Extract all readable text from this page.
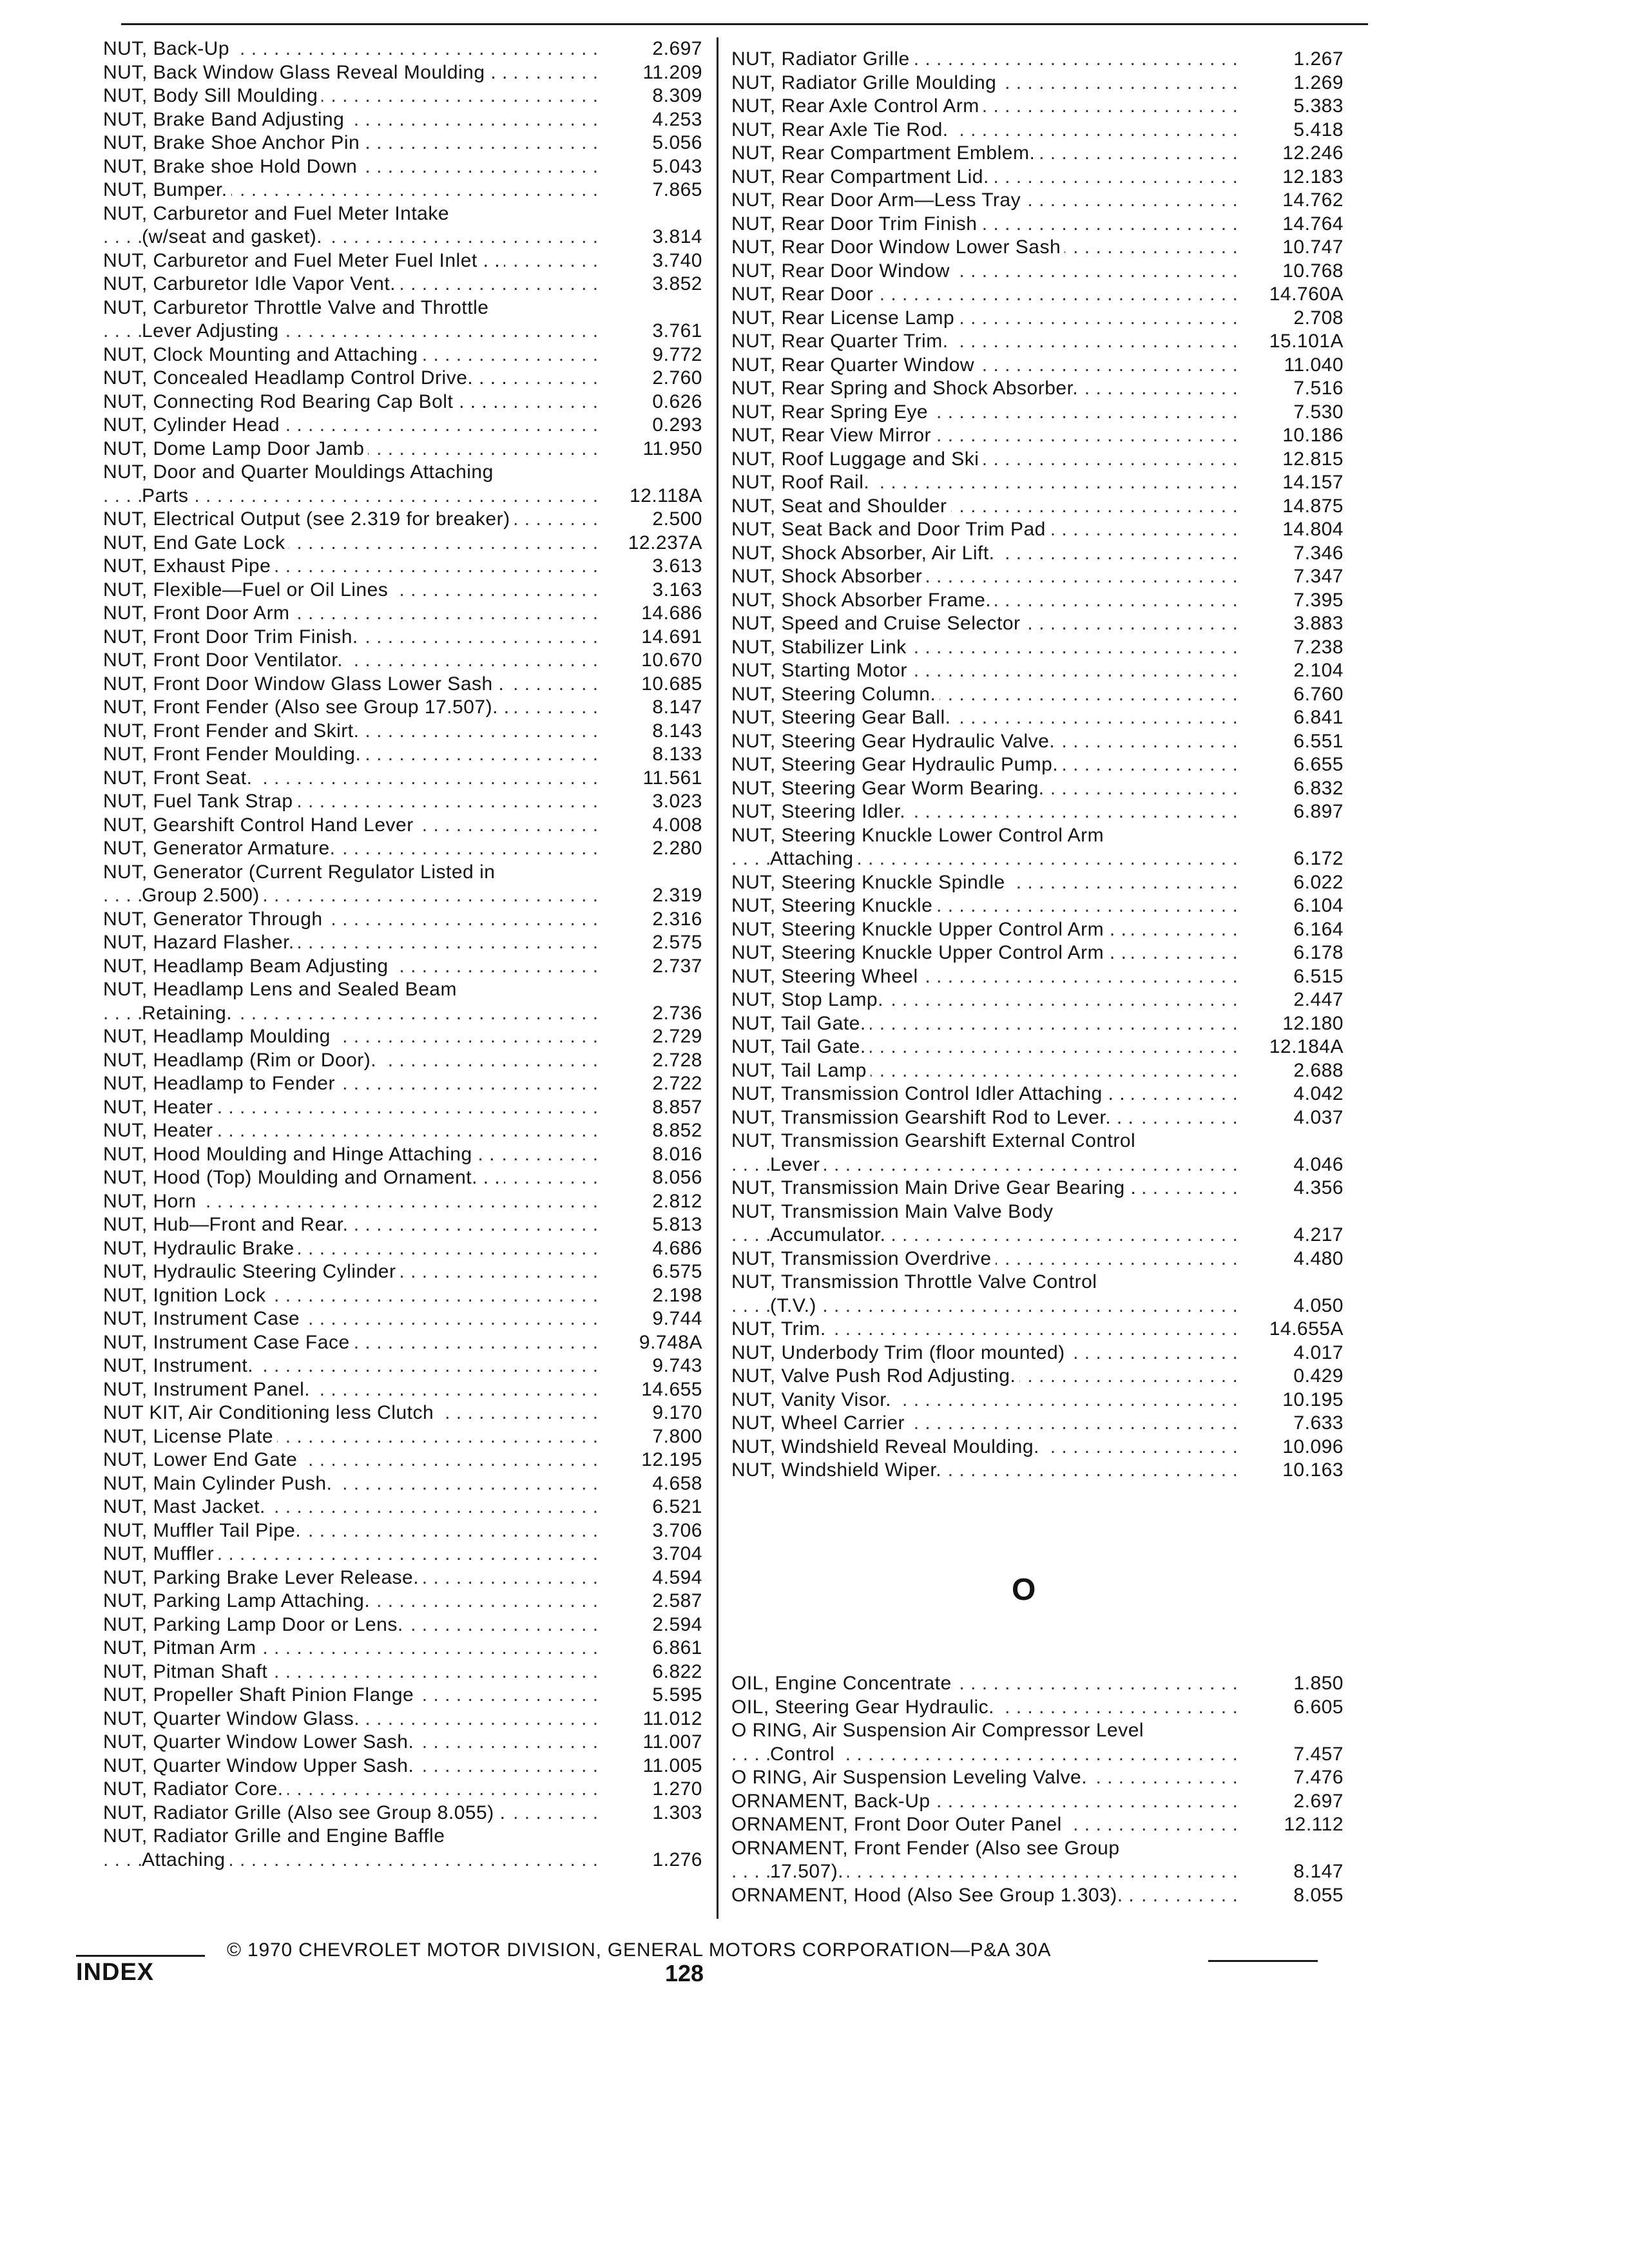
NUT, Back-Up . . .	2.697
NUT, Back Window Glass Reveal Moulding . . . . .	11.209
NUT, Body Sill Moulding . . .	8.309
NUT, Brake Band Adjusting . . .	4.253
NUT, Brake Shoe Anchor Pin . . .	5.056
NUT, Brake shoe Hold Down . . .	5.043
NUT, Bumper. . . .	7.865
NUT, Carburetor and Fuel Meter Intake
(w/seat and gasket).
. . .	3.814
NUT, Carburetor and Fuel Meter Fuel Inlet . . . . .	3.740
NUT, Carburetor Idle Vapor Vent. . . .	3.852
NUT, Carburetor Throttle Valve and Throttle
Lever Adjusting
. . .	3.761
NUT, Clock Mounting and Attaching . . .	9.772
NUT, Concealed Headlamp Control Drive. . . . . . .	2.760
NUT, Connecting Rod Bearing Cap Bolt . . . . . . .	0.626
NUT, Cylinder Head . . .	0.293
NUT, Dome Lamp Door Jamb . . .	11.950
NUT, Door and Quarter Mouldings Attaching
Parts
. . .	12.118A
NUT, Electrical Output (see 2.319 for breaker) . . .	2.500
NUT, End Gate Lock . . .	12.237A
NUT, Exhaust Pipe . . .	3.613
NUT, Flexible—Fuel or Oil Lines . . .	3.163
NUT, Front Door Arm . . .	14.686
NUT, Front Door Trim Finish. . . .	14.691
NUT, Front Door Ventilator. . . .	10.670
NUT, Front Door Window Glass Lower Sash . . . .	10.685
NUT, Front Fender (Also see Group 17.507). . . . .	8.147
NUT, Front Fender and Skirt. . . .	8.143
NUT, Front Fender Moulding. . . .	8.133
NUT, Front Seat. . . .	11.561
NUT, Fuel Tank Strap . . .	3.023
NUT, Gearshift Control Hand Lever . . .	4.008
NUT, Generator Armature. . . .	2.280
NUT, Generator (Current Regulator Listed in
Group 2.500)
. . .	2.319
NUT, Generator Through . . .	2.316
NUT, Hazard Flasher. . . .	2.575
NUT, Headlamp Beam Adjusting . . .	2.737
NUT, Headlamp Lens and Sealed Beam
Retaining.
. . .	2.736
NUT, Headlamp Moulding . . .	2.729
NUT, Headlamp (Rim or Door). . . .	2.728
NUT, Headlamp to Fender . . .	2.722
NUT, Heater . . .	8.857
NUT, Heater . . .	8.852
NUT, Hood Moulding and Hinge Attaching . . . . .	8.016
NUT, Hood (Top) Moulding and Ornament. . . . . .	8.056
NUT, Horn . . .	2.812
NUT, Hub—Front and Rear. . . .	5.813
NUT, Hydraulic Brake . . .	4.686
NUT, Hydraulic Steering Cylinder . . .	6.575
NUT, Ignition Lock . . .	2.198
NUT, Instrument Case . . .	9.744
NUT, Instrument Case Face . . .	9.748A
NUT, Instrument. . . .	9.743
NUT, Instrument Panel. . . .	14.655
NUT KIT, Air Conditioning less Clutch . . .	9.170
NUT, License Plate . . .	7.800
NUT, Lower End Gate . . .	12.195
NUT, Main Cylinder Push. . . .	4.658
NUT, Mast Jacket. . . .	6.521
NUT, Muffler Tail Pipe. . . .	3.706
NUT, Muffler . . .	3.704
NUT, Parking Brake Lever Release. . . .	4.594
NUT, Parking Lamp Attaching. . . .	2.587
NUT, Parking Lamp Door or Lens. . . .	2.594
NUT, Pitman Arm . . .	6.861
NUT, Pitman Shaft . . .	6.822
NUT, Propeller Shaft Pinion Flange . . .	5.595
NUT, Quarter Window Glass. . . .	11.012
NUT, Quarter Window Lower Sash. . . .	11.007
NUT, Quarter Window Upper Sash. . . .	11.005
NUT, Radiator Core. . . .	1.270
NUT, Radiator Grille (Also see Group 8.055) . . . .	1.303
NUT, Radiator Grille and Engine Baffle
Attaching
. . .	1.276
NUT, Radiator Grille . . .	1.267
NUT, Radiator Grille Moulding . . .	1.269
NUT, Rear Axle Control Arm . . .	5.383
NUT, Rear Axle Tie Rod. . . .	5.418
NUT, Rear Compartment Emblem. . . .	12.246
NUT, Rear Compartment Lid. . . .	12.183
NUT, Rear Door Arm—Less Tray . . .	14.762
NUT, Rear Door Trim Finish . . .	14.764
NUT, Rear Door Window Lower Sash . . .	10.747
NUT, Rear Door Window . . .	10.768
NUT, Rear Door . . .	14.760A
NUT, Rear License Lamp . . .	2.708
NUT, Rear Quarter Trim. . . .	15.101A
NUT, Rear Quarter Window . . .	11.040
NUT, Rear Spring and Shock Absorber. . . .	7.516
NUT, Rear Spring Eye . . .	7.530
NUT, Rear View Mirror . . .	10.186
NUT, Roof Luggage and Ski . . .	12.815
NUT, Roof Rail. . . .	14.157
NUT, Seat and Shoulder . . .	14.875
NUT, Seat Back and Door Trim Pad . . .	14.804
NUT, Shock Absorber, Air Lift. . . .	7.346
NUT, Shock Absorber . . .	7.347
NUT, Shock Absorber Frame. . . .	7.395
NUT, Speed and Cruise Selector . . .	3.883
NUT, Stabilizer Link . . .	7.238
NUT, Starting Motor . . .	2.104
NUT, Steering Column. . . .	6.760
NUT, Steering Gear Ball. . . .	6.841
NUT, Steering Gear Hydraulic Valve. . . .	6.551
NUT, Steering Gear Hydraulic Pump. . . .	6.655
NUT, Steering Gear Worm Bearing. . . .	6.832
NUT, Steering Idler. . . .	6.897
NUT, Steering Knuckle Lower Control Arm
Attaching
. . .	6.172
NUT, Steering Knuckle Spindle . . .	6.022
NUT, Steering Knuckle . . .	6.104
NUT, Steering Knuckle Upper Control Arm . . . . .	6.164
NUT, Steering Knuckle Upper Control Arm . . . . .	6.178
NUT, Steering Wheel . . .	6.515
NUT, Stop Lamp. . . .	2.447
NUT, Tail Gate. . . .	12.180
NUT, Tail Gate. . . .	12.184A
NUT, Tail Lamp . . .	2.688
NUT, Transmission Control Idler Attaching . . . . .	4.042
NUT, Transmission Gearshift Rod to Lever. . . . . .	4.037
NUT, Transmission Gearshift External Control
Lever
. . .	4.046
NUT, Transmission Main Drive Gear Bearing . . . .	4.356
NUT, Transmission Main Valve Body
Accumulator.
. . .	4.217
NUT, Transmission Overdrive . . .	4.480
NUT, Transmission Throttle Valve Control
(T.V.)
. . .	4.050
NUT, Trim. . . .	14.655A
NUT, Underbody Trim (floor mounted) . . .	4.017
NUT, Valve Push Rod Adjusting. . . .	0.429
NUT, Vanity Visor. . . .	10.195
NUT, Wheel Carrier . . .	7.633
NUT, Windshield Reveal Moulding. . . .	10.096
NUT, Windshield Wiper. . . .	10.163
O
OIL, Engine Concentrate . . .	1.850
OIL, Steering Gear Hydraulic. . . .	6.605
O RING, Air Suspension Air Compressor Level
Control
. . .	7.457
O RING, Air Suspension Leveling Valve. . . .	7.476
ORNAMENT, Back-Up . . .	2.697
ORNAMENT, Front Door Outer Panel . . .	12.112
ORNAMENT, Front Fender (Also see Group
17.507).
. . .	8.147
ORNAMENT, Hood (Also See Group 1.303). . . . .	8.055
INDEX
© 1970 CHEVROLET MOTOR DIVISION, GENERAL MOTORS CORPORATION—P&A 30A
128
